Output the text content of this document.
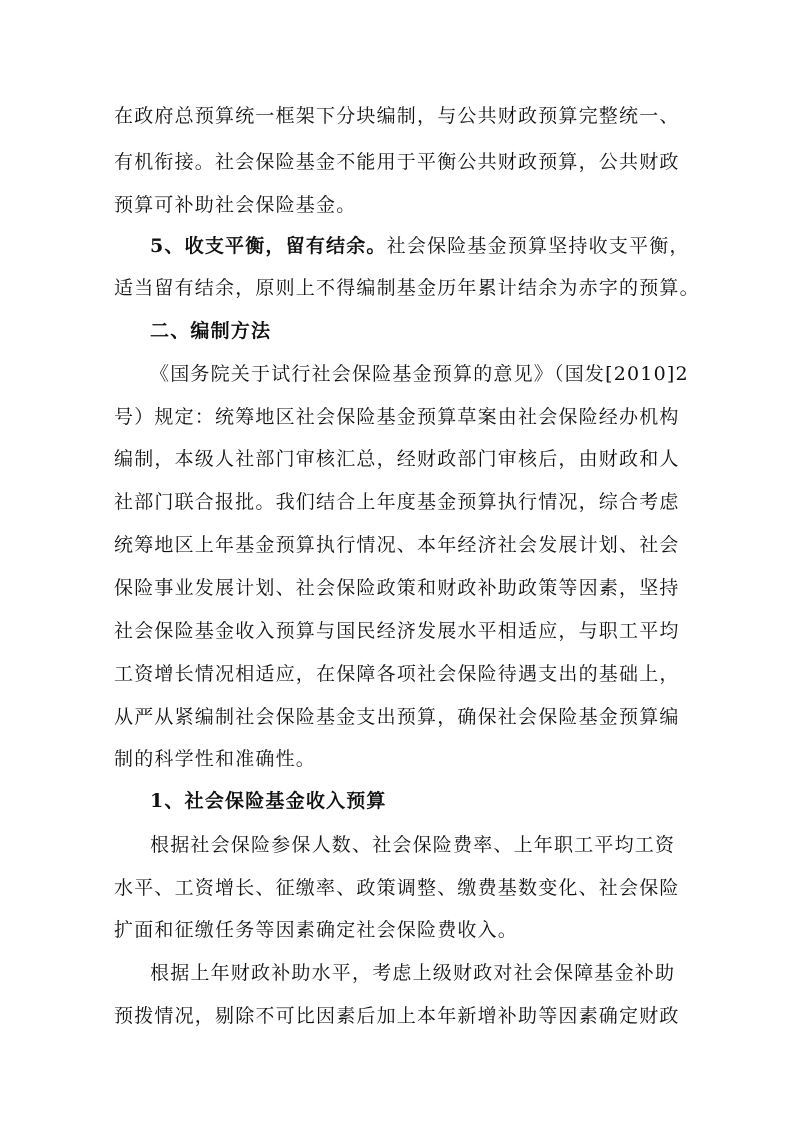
在政府总预算统一框架下分块编制，与公共财政预算完整统一、
有机衔接。社会保险基金不能用于平衡公共财政预算，公共财政
预算可补助社会保险基金。
5、收支平衡，留有结余。社会保险基金预算坚持收支平衡，
适当留有结余，原则上不得编制基金历年累计结余为赤字的预算。
二、编制方法
《国务院关于试行社会保险基金预算的意见》（国发[2010]2
号）规定：统筹地区社会保险基金预算草案由社会保险经办机构
编制，本级人社部门审核汇总，经财政部门审核后，由财政和人
社部门联合报批。我们结合上年度基金预算执行情况，综合考虑
统筹地区上年基金预算执行情况、本年经济社会发展计划、社会
保险事业发展计划、社会保险政策和财政补助政策等因素，坚持
社会保险基金收入预算与国民经济发展水平相适应，与职工平均
工资增长情况相适应，在保障各项社会保险待遇支出的基础上，
从严从紧编制社会保险基金支出预算，确保社会保险基金预算编
制的科学性和准确性。
1、社会保险基金收入预算
根据社会保险参保人数、社会保险费率、上年职工平均工资
水平、工资增长、征缴率、政策调整、缴费基数变化、社会保险
扩面和征缴任务等因素确定社会保险费收入。
根据上年财政补助水平，考虑上级财政对社会保障基金补助
预拨情况，剔除不可比因素后加上本年新增补助等因素确定财政
